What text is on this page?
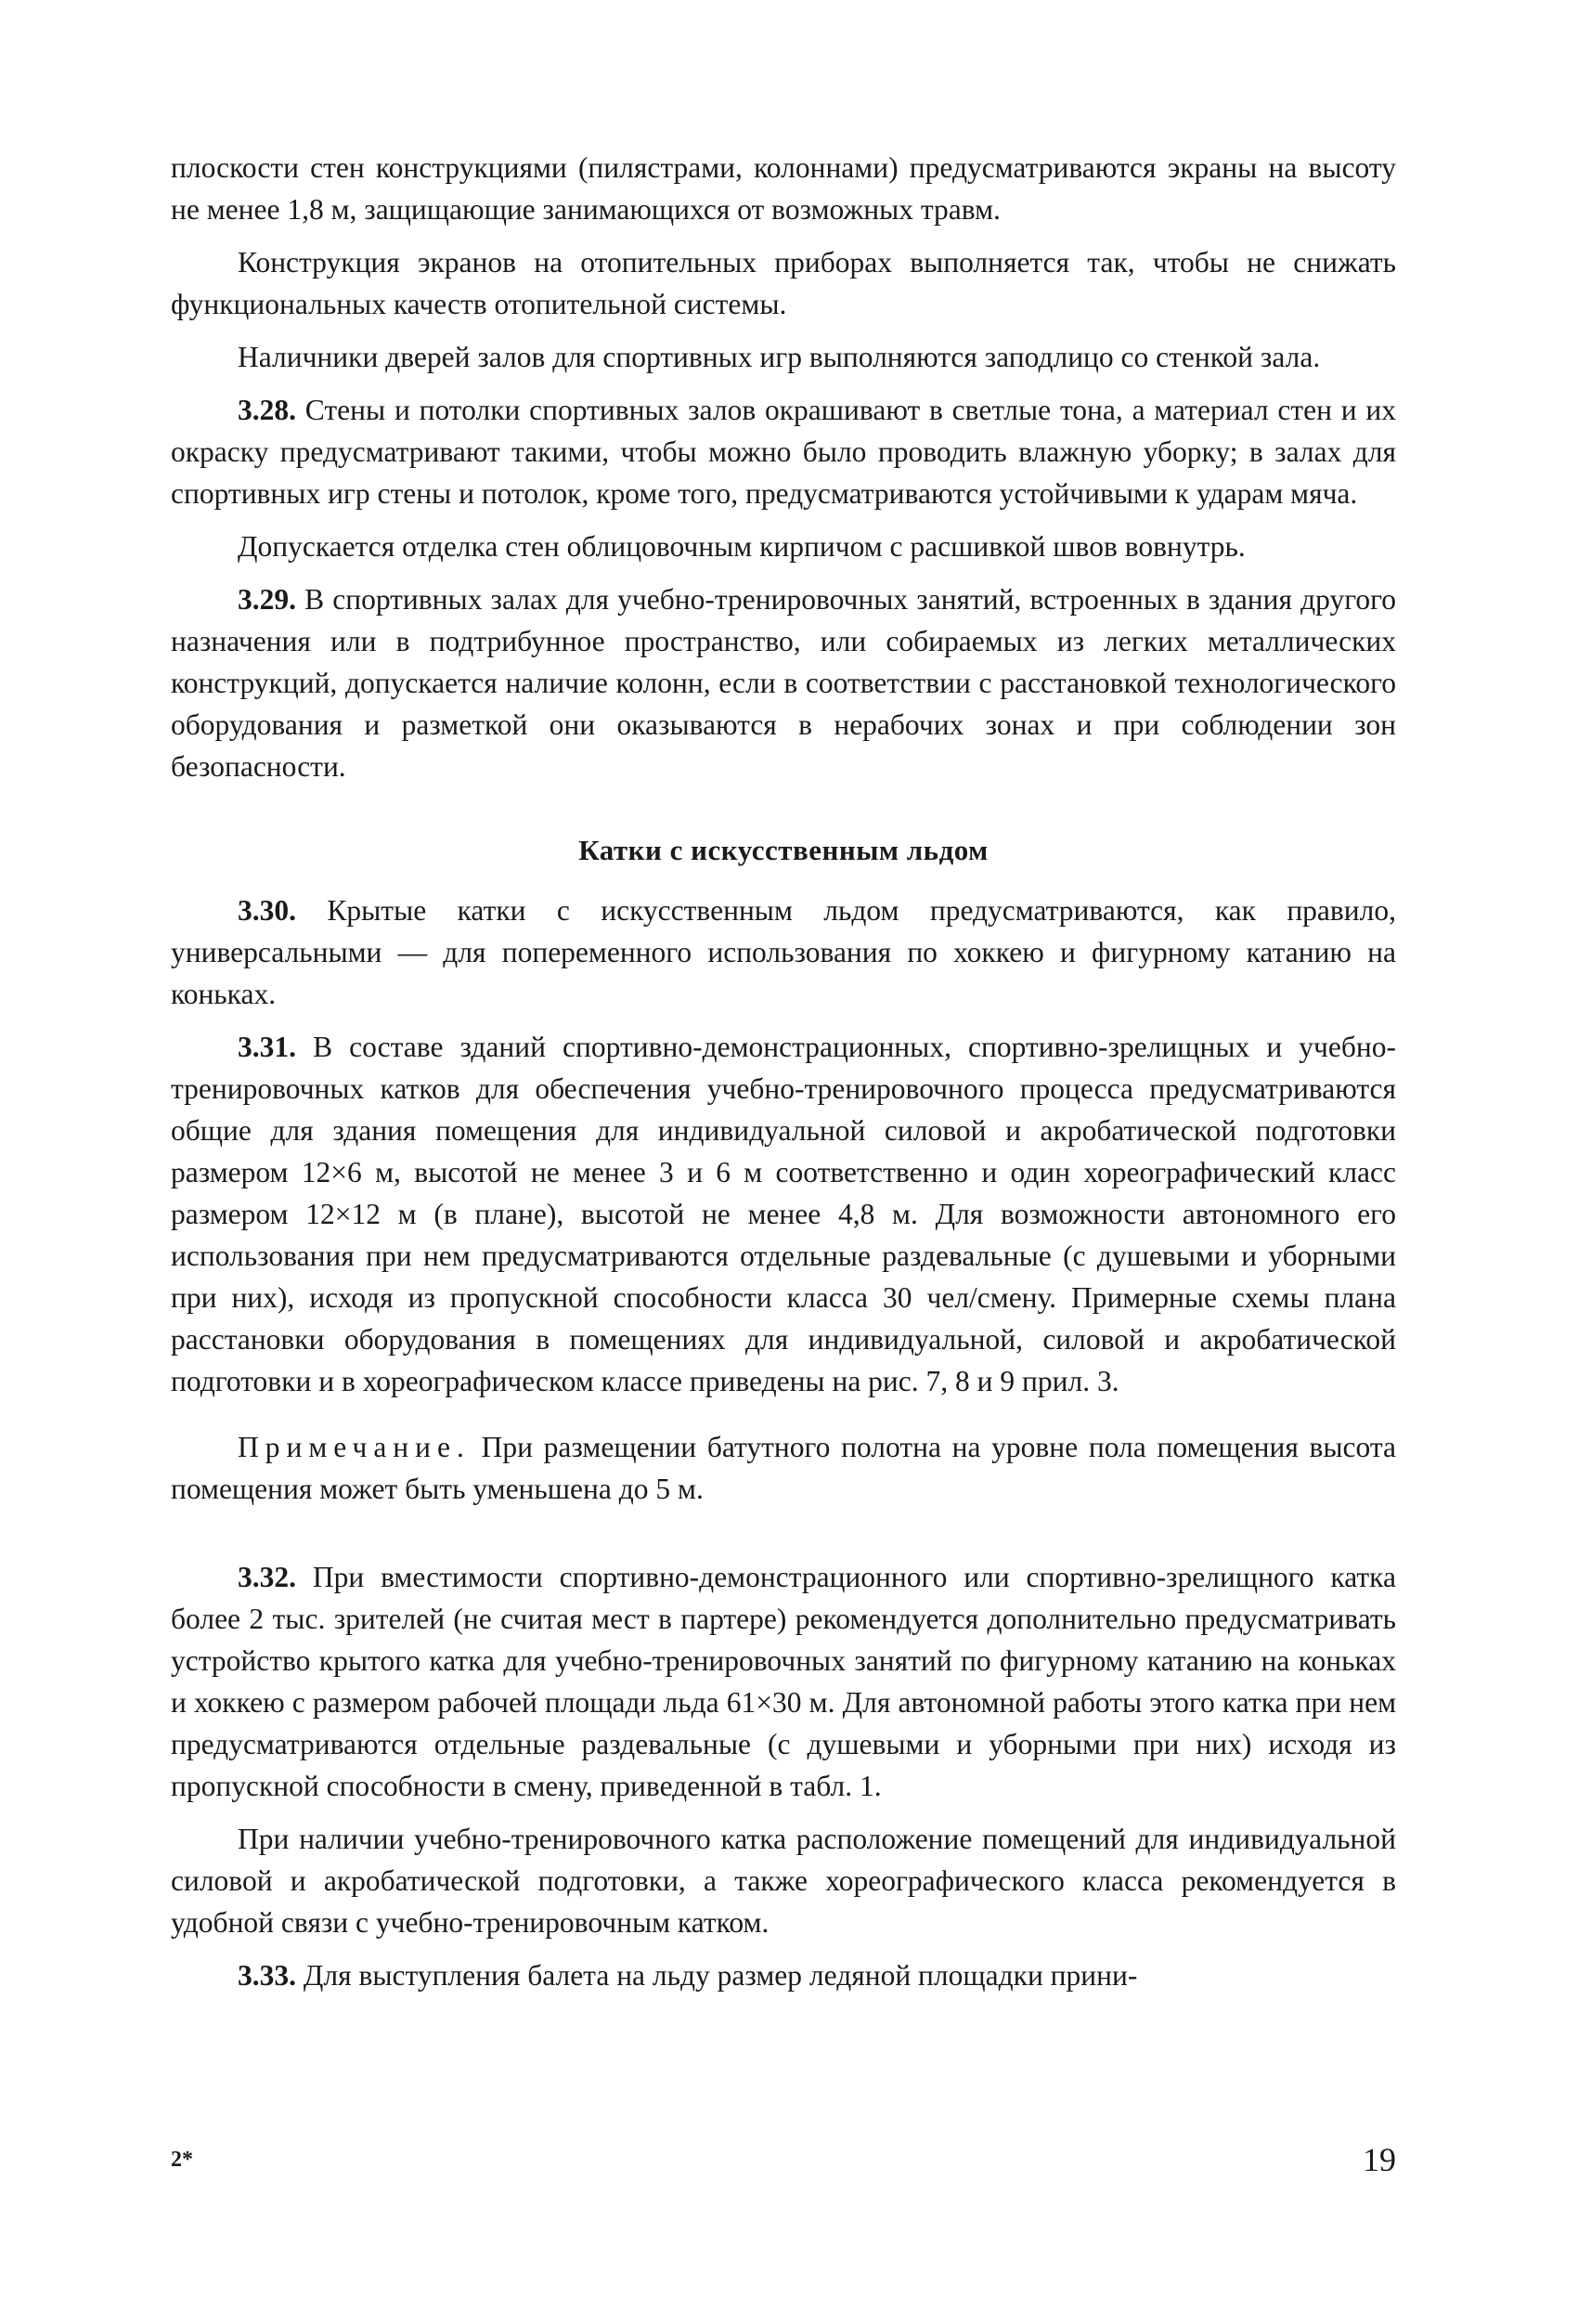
плоскости стен конструкциями (пилястрами, колоннами) предусматриваются экраны на высоту не менее 1,8 м, защищающие занимающихся от возможных травм.

Конструкция экранов на отопительных приборах выполняется так, чтобы не снижать функциональных качеств отопительной системы.

Наличники дверей залов для спортивных игр выполняются заподлицо со стенкой зала.

3.28. Стены и потолки спортивных залов окрашивают в светлые тона, а материал стен и их окраску предусматривают такими, чтобы можно было проводить влажную уборку; в залах для спортивных игр стены и потолок, кроме того, предусматриваются устойчивыми к ударам мяча.

Допускается отделка стен облицовочным кирпичом с расшивкой швов вовнутрь.

3.29. В спортивных залах для учебно-тренировочных занятий, встроенных в здания другого назначения или в подтрибунное пространство, или собираемых из легких металлических конструкций, допускается наличие колонн, если в соответствии с расстановкой технологического оборудования и разметкой они оказываются в нерабочих зонах и при соблюдении зон безопасности.

Катки с искусственным льдом

3.30. Крытые катки с искусственным льдом предусматриваются, как правило, универсальными — для попеременного использования по хоккею и фигурному катанию на коньках.

3.31. В составе зданий спортивно-демонстрационных, спортивно-зрелищных и учебно-тренировочных катков для обеспечения учебно-тренировочного процесса предусматриваются общие для здания помещения для индивидуальной силовой и акробатической подготовки размером 12×6 м, высотой не менее 3 и 6 м соответственно и один хореографический класс размером 12×12 м (в плане), высотой не менее 4,8 м. Для возможности автономного его использования при нем предусматриваются отдельные раздевальные (с душевыми и уборными при них), исходя из пропускной способности класса 30 чел/смену. Примерные схемы плана расстановки оборудования в помещениях для индивидуальной, силовой и акробатической подготовки и в хореографическом классе приведены на рис. 7, 8 и 9 прил. 3.

Примечание. При размещении батутного полотна на уровне пола помещения высота помещения может быть уменьшена до 5 м.

3.32. При вместимости спортивно-демонстрационного или спортивно-зрелищного катка более 2 тыс. зрителей (не считая мест в партере) рекомендуется дополнительно предусматривать устройство крытого катка для учебно-тренировочных занятий по фигурному катанию на коньках и хоккею с размером рабочей площади льда 61×30 м. Для автономной работы этого катка при нем предусматриваются отдельные раздевальные (с душевыми и уборными при них) исходя из пропускной способности в смену, приведенной в табл. 1.

При наличии учебно-тренировочного катка расположение помещений для индивидуальной силовой и акробатической подготовки, а также хореографического класса рекомендуется в удобной связи с учебно-тренировочным катком.

3.33. Для выступления балета на льду размер ледяной площадки прини-

2*	19
